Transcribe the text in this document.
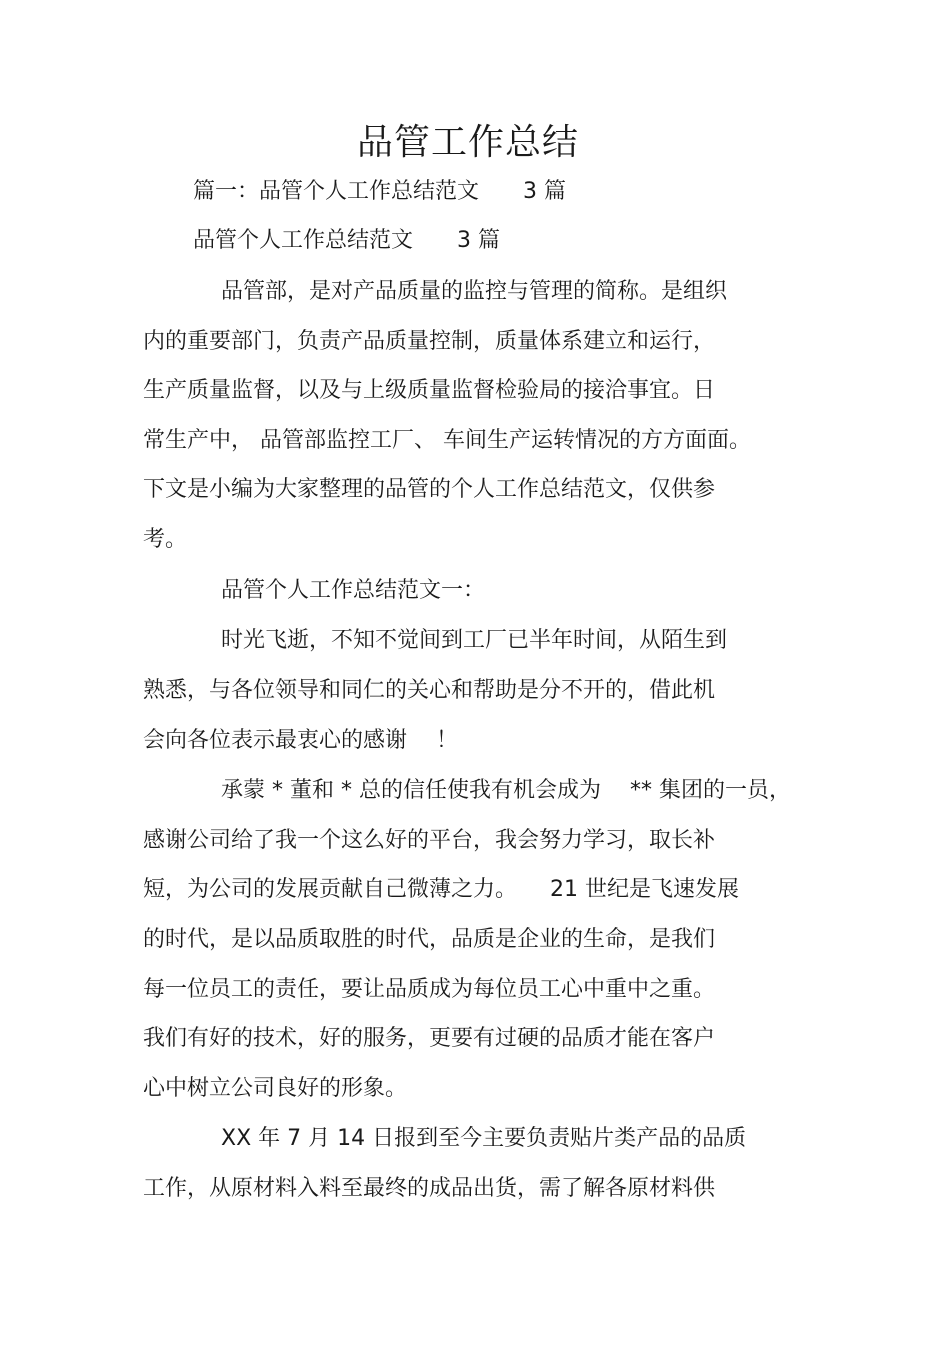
品管工作总结
篇一：品管个人工作总结范文　　3 篇
品管个人工作总结范文　　3 篇
品管部，是对产品质量的监控与管理的简称。是组织
内的重要部门，负责产品质量控制，质量体系建立和运行，
生产质量监督，以及与上级质量监督检验局的接洽事宜。日
常生产中， 品管部监控工厂、 车间生产运转情况的方方面面。
下文是小编为大家整理的品管的个人工作总结范文，仅供参
考。
品管个人工作总结范文一：
时光飞逝，不知不觉间到工厂已半年时间，从陌生到
熟悉，与各位领导和同仁的关心和帮助是分不开的，借此机
会向各位表示最衷心的感谢　 ！
承蒙 * 董和 * 总的信任使我有机会成为　 ** 集团的一员，
感谢公司给了我一个这么好的平台，我会努力学习，取长补
短，为公司的发展贡献自己微薄之力。　　21 世纪是飞速发展
的时代，是以品质取胜的时代，品质是企业的生命，是我们
每一位员工的责任，要让品质成为每位员工心中重中之重。
我们有好的技术，好的服务，更要有过硬的品质才能在客户
心中树立公司良好的形象。
XX 年 7 月 14 日报到至今主要负责贴片类产品的品质
工作，从原材料入料至最终的成品出货，需了解各原材料供
